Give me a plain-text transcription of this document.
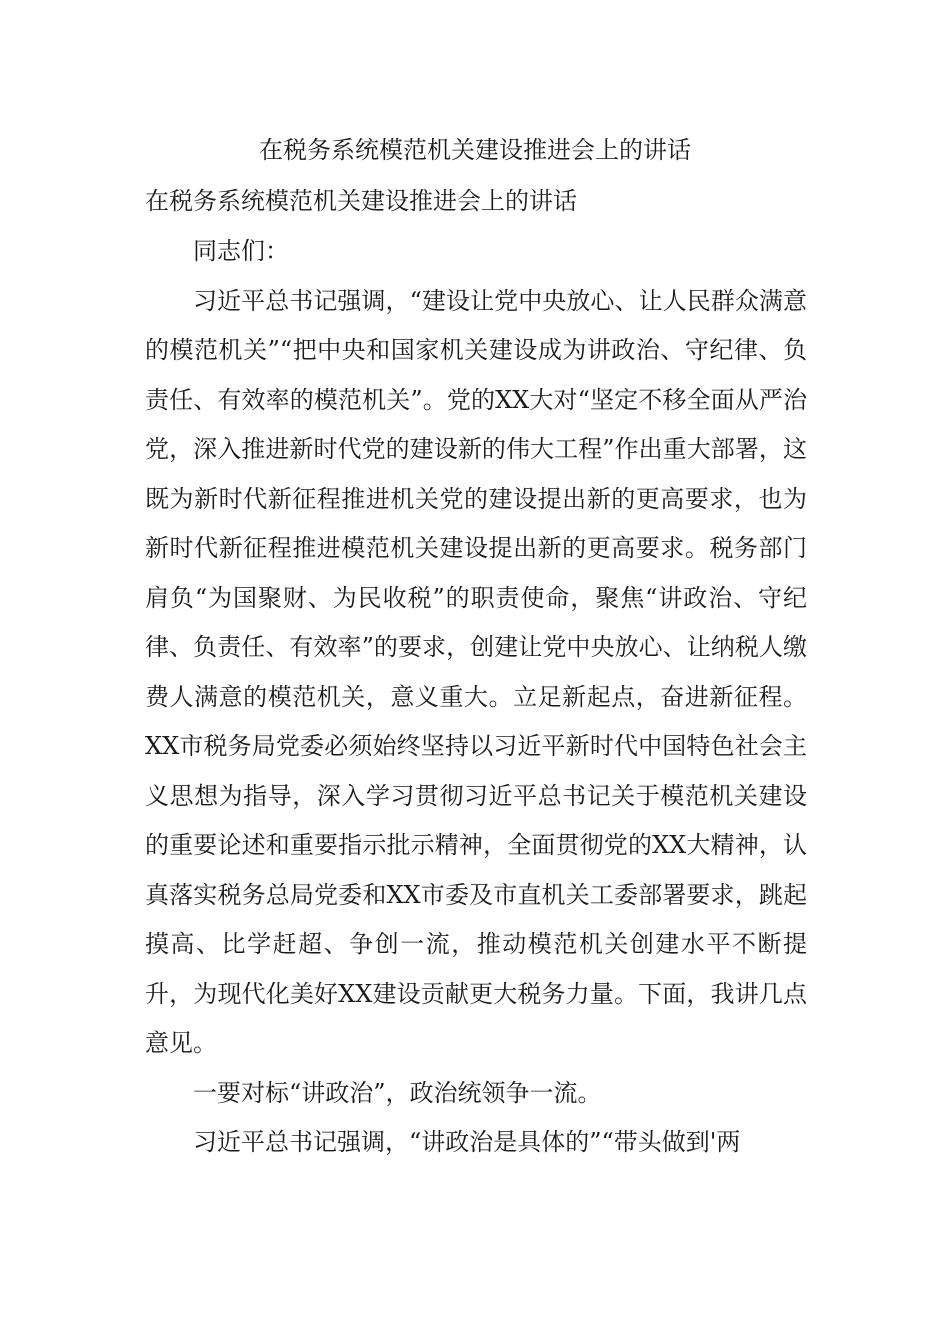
在税务系统模范机关建设推进会上的讲话
在税务系统模范机关建设推进会上的讲话

同志们：

习近平总书记强调，“建设让党中央放心、让人民群众满意的模范机关”“把中央和国家机关建设成为讲政治、守纪律、负责任、有效率的模范机关”。党的XX大对“坚定不移全面从严治党，深入推进新时代党的建设新的伟大工程”作出重大部署，这既为新时代新征程推进机关党的建设提出新的更高要求，也为新时代新征程推进模范机关建设提出新的更高要求。税务部门肩负“为国聚财、为民收税”的职责使命，聚焦“讲政治、守纪律、负责任、有效率”的要求，创建让党中央放心、让纳税人缴费人满意的模范机关，意义重大。立足新起点，奋进新征程。XX市税务局党委必须始终坚持以习近平新时代中国特色社会主义思想为指导，深入学习贯彻习近平总书记关于模范机关建设的重要论述和重要指示批示精神，全面贯彻党的XX大精神，认真落实税务总局党委和XX市委及市直机关工委部署要求，跳起摸高、比学赶超、争创一流，推动模范机关创建水平不断提升，为现代化美好XX建设贡献更大税务力量。下面，我讲几点意见。

一要对标“讲政治”，政治统领争一流。

习近平总书记强调，“讲政治是具体的”“带头做到'两
